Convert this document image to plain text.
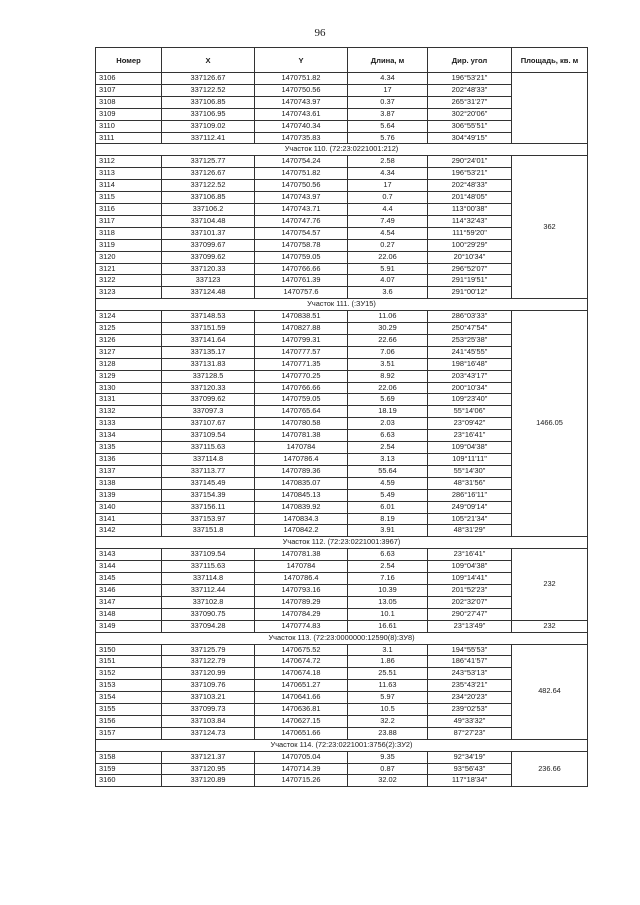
96
Номер	X	Y	Длина, м	Дир. угол	Площадь, кв. м
3106	337126.67	1470751.82	4.34	196°53'21"	
3107	337122.52	1470750.56	17	202°48'33"	
3108	337106.85	1470743.97	0.37	265°31'27"	
3109	337106.95	1470743.61	3.87	302°20'06"	
3110	337109.02	1470740.34	5.64	306°55'51"	
3111	337112.41	1470735.83	5.76	304°49'15"	
Участок 110. (72:23:0221001:212)					
3112	337125.77	1470754.24	2.58	290°24'01"	362
3113	337126.67	1470751.82	4.34	196°53'21"	
3114	337122.52	1470750.56	17	202°48'33"	
3115	337106.85	1470743.97	0.7	201°48'05"	
3116	337106.2	1470743.71	4.4	113°00'38"	
3117	337104.48	1470747.76	7.49	114°32'43"	
3118	337101.37	1470754.57	4.54	111°59'20"	
3119	337099.67	1470758.78	0.27	100°29'29"	
3120	337099.62	1470759.05	22.06	20°10'34"	
3121	337120.33	1470766.66	5.91	296°52'07"	
3122	337123	1470761.39	4.07	291°19'51"	
3123	337124.48	1470757.6	3.6	291°00'12"	
Участок 111. (:ЗУ15)					
3124	337148.53	1470838.51	11.06	286°03'33"	1466.05
3125	337151.59	1470827.88	30.29	250°47'54"	
3126	337141.64	1470799.31	22.66	253°25'38"	
3127	337135.17	1470777.57	7.06	241°45'55"	
3128	337131.83	1470771.35	3.51	198°16'48"	
3129	337128.5	1470770.25	8.92	203°43'17"	
3130	337120.33	1470766.66	22.06	200°10'34"	
3131	337099.62	1470759.05	5.69	109°23'40"	
3132	337097.3	1470765.64	18.19	55°14'06"	
3133	337107.67	1470780.58	2.03	23°09'42"	
3134	337109.54	1470781.38	6.63	23°16'41"	
3135	337115.63	1470784	2.54	109°04'38"	
3136	337114.8	1470786.4	3.13	109°11'11"	
3137	337113.77	1470789.36	55.64	55°14'30"	
3138	337145.49	1470835.07	4.59	48°31'56"	
3139	337154.39	1470845.13	5.49	286°16'11"	
3140	337156.11	1470839.92	6.01	249°09'14"	
3141	337153.97	1470834.3	8.19	105°21'34"	
3142	337151.8	1470842.2	3.91	48°31'29"	
Участок 112. (72:23:0221001:3967)					
3143	337109.54	1470781.38	6.63	23°16'41"	232
3144	337115.63	1470784	2.54	109°04'38"	
3145	337114.8	1470786.4	7.16	109°14'41"	
3146	337112.44	1470793.16	10.39	201°52'23"	
3147	337102.8	1470789.29	13.05	202°32'07"	
3148	337090.75	1470784.29	10.1	290°27'47"	
3149	337094.28	1470774.83	16.61	23°13'49"	232
Участок 113. (72:23:0000000:12590(8):ЗУ8)					
3150	337125.79	1470675.52	3.1	194°55'53"	482.64
3151	337122.79	1470674.72	1.86	186°41'57"	
3152	337120.99	1470674.18	25.51	243°53'13"	
3153	337109.76	1470651.27	11.63	235°43'21"	
3154	337103.21	1470641.66	5.97	234°20'23"	
3155	337099.73	1470636.81	10.5	239°02'53"	
3156	337103.84	1470627.15	32.2	49°33'32"	
3157	337124.73	1470651.66	23.88	87°27'23"	
Участок 114. (72:23:0221001:3756(2):ЗУ2)					
3158	337121.37	1470705.04	9.35	92°34'19"	236.66
3159	337120.95	1470714.39	0.87	93°56'43"	
3160	337120.89	1470715.26	32.02	117°18'34"	
